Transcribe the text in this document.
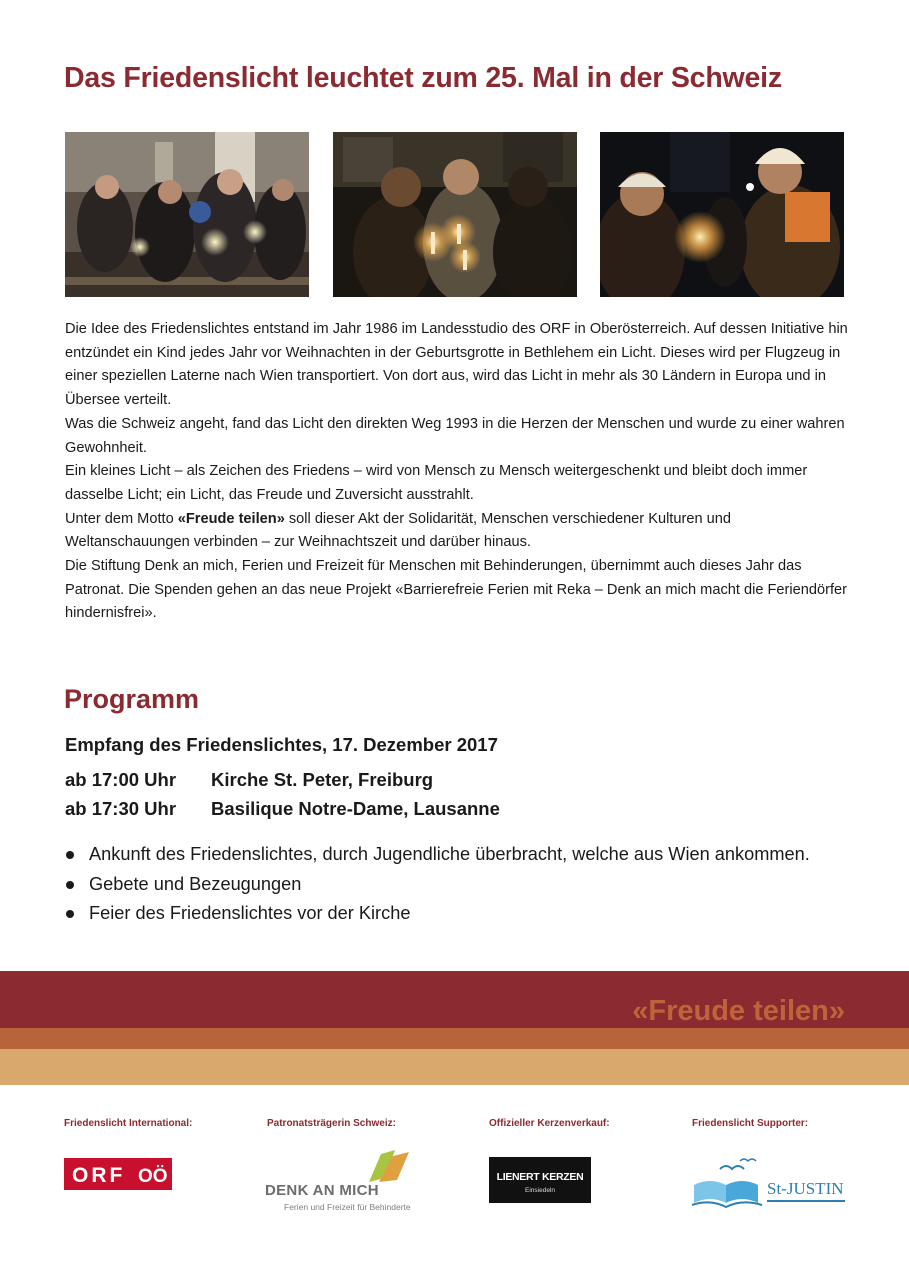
Das Friedenslicht leuchtet zum 25. Mal in der Schweiz

Die Idee des Friedenslichtes entstand im Jahr 1986 im Landesstudio des ORF in Oberösterreich. Auf dessen Initiative hin entzündet ein Kind jedes Jahr vor Weihnachten in der Geburtsgrotte in Bethlehem ein Licht. Dieses wird per Flugzeug in einer speziellen Laterne nach Wien transportiert. Von dort aus, wird das Licht in mehr als 30 Ländern in Europa und in Übersee verteilt.

Was die Schweiz angeht, fand das Licht den direkten Weg 1993 in die Herzen der Menschen und wurde zu einer wahren Gewohnheit.

Ein kleines Licht – als Zeichen des Friedens – wird von Mensch zu Mensch weitergeschenkt und bleibt doch immer dasselbe Licht; ein Licht, das Freude und Zuversicht ausstrahlt.

Unter dem Motto «Freude teilen» soll dieser Akt der Solidarität, Menschen verschiedener Kulturen und Weltanschauungen verbinden – zur Weihnachtszeit und darüber hinaus.

Die Stiftung Denk an mich, Ferien und Freizeit für Menschen mit Behinderungen, übernimmt auch dieses Jahr das Patronat. Die Spenden gehen an das neue Projekt «Barrierefreie Ferien mit Reka – Denk an mich macht die Feriendörfer hindernisfrei».

Programm
Empfang des Friedenslichtes, 17. Dezember 2017
ab 17:00 Uhr Kirche St. Peter, Freiburg
ab 17:30 Uhr Basilique Notre-Dame, Lausanne
Ankunft des Friedenslichtes, durch Jugendliche überbracht, welche aus Wien ankommen.
Gebete und Bezeugungen
Feier des Friedenslichtes vor der Kirche
«Freude teilen»
Friedenslicht International:	Patronatsträgerin Schweiz:	Offizieller Kerzenverkauf:	Friedenslicht Supporter:
ORF OÖ
DENK AN MICH
Ferien und Freizeit für Behinderte
LIENERT KERZEN
Einsiedeln	St-JUSTIN
